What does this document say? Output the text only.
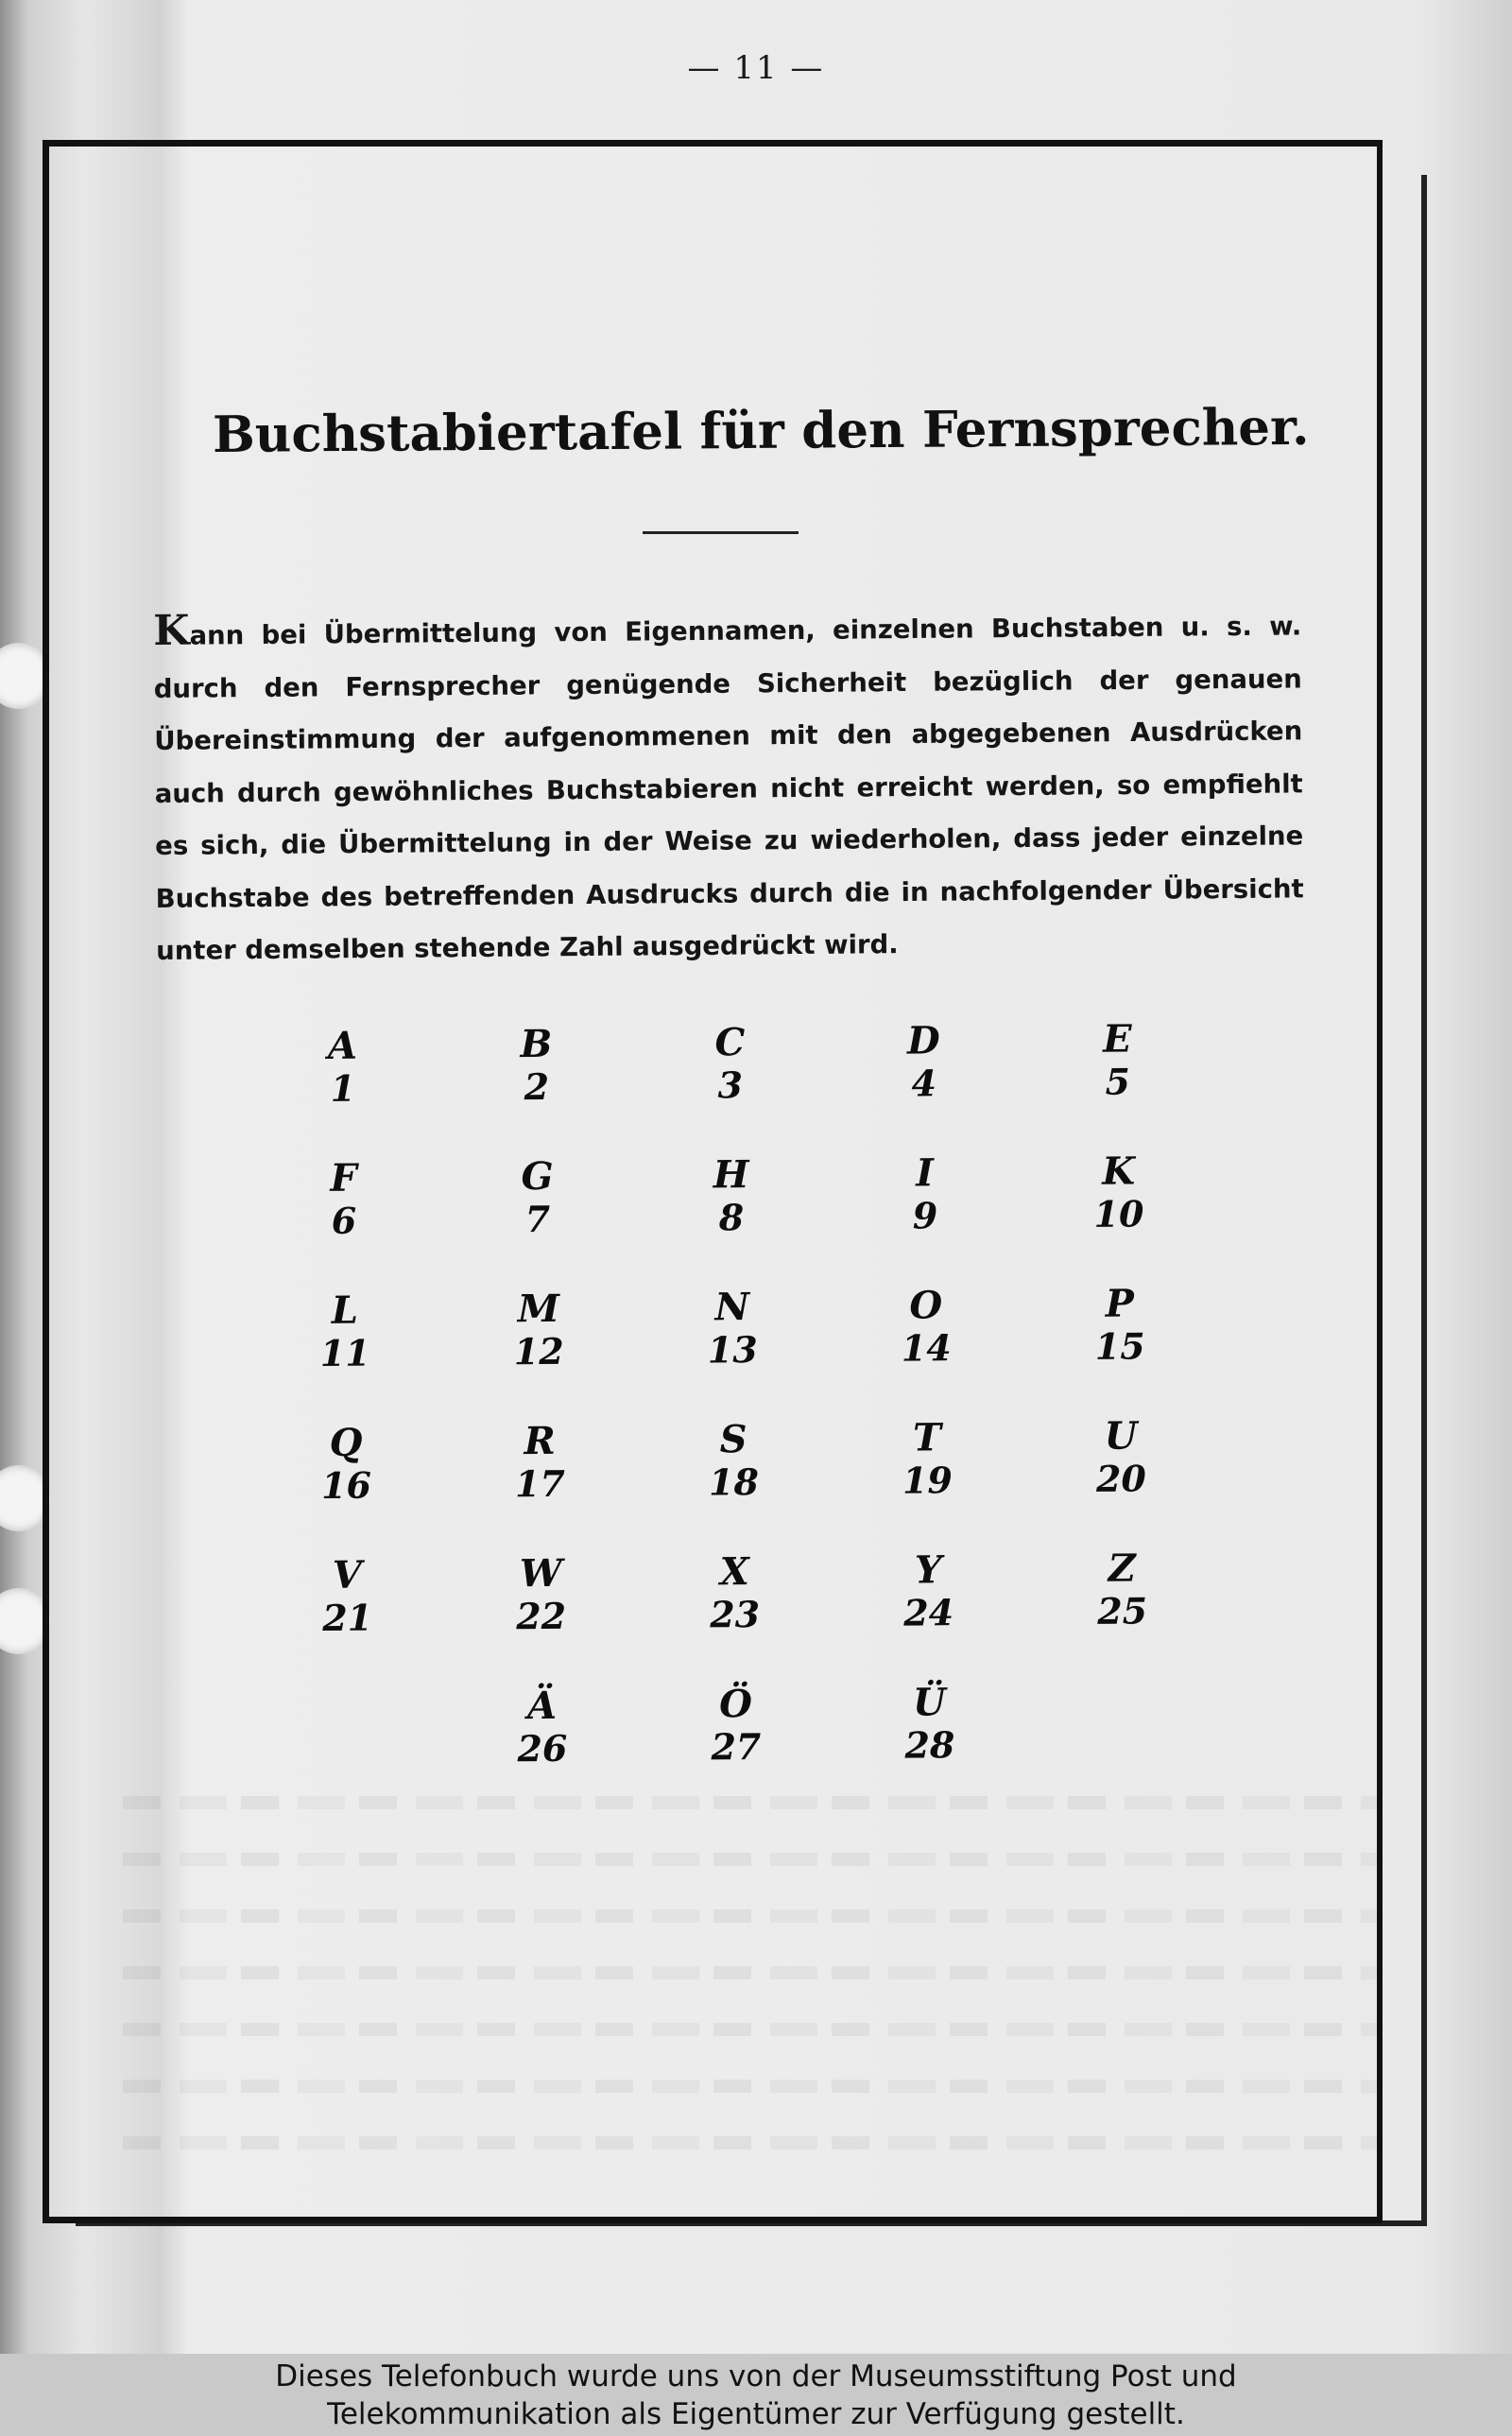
— 11 —
Buchstabiertafel für den Fernsprecher.
Kann bei Übermittelung von Eigennamen, einzelnen Buchstaben u. s. w. durch den Fernsprecher genügende Sicherheit bezüglich der genauen Übereinstimmung der aufgenommenen mit den abgegebenen Ausdrücken auch durch gewöhnliches Buchstabieren nicht erreicht werden, so empfiehlt es sich, die Übermittelung in der Weise zu wiederholen, dass jeder einzelne Buchstabe des betreffenden Ausdrucks durch die in nachfolgender Übersicht unter demselben stehende Zahl ausgedrückt wird.
A
1
B
2
C
3
D
4
E
5
F
6
G
7
H
8
I
9
K
10
L
11
M
12
N
13
O
14
P
15
Q
16
R
17
S
18
T
19
U
20
V
21
W
22
X
23
Y
24
Z
25
Ä
26
Ö
27
Ü
28
Dieses Telefonbuch wurde uns von der Museumsstiftung Post und
Telekommunikation als Eigentümer zur Verfügung gestellt.
